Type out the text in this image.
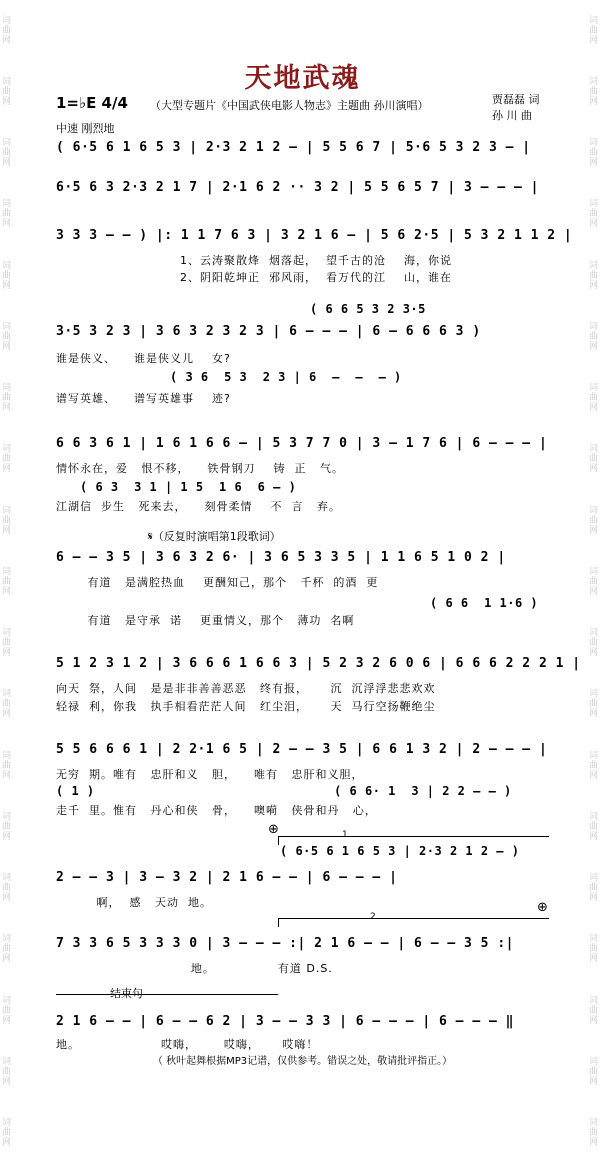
词曲网
词曲网
词曲网
词曲网
词曲网
词曲网
词曲网
词曲网
词曲网
词曲网
词曲网
词曲网
词曲网
词曲网
词曲网
词曲网
词曲网
词曲网
词曲网
词曲网
词曲网
词曲网
词曲网
词曲网
词曲网
词曲网
词曲网
词曲网
词曲网
词曲网
词曲网
词曲网
词曲网
词曲网
词曲网
词曲网
词曲网
词曲网
天地武魂
1=♭E 4/4
中速 刚烈地
（大型专题片《中国武侠电影人物志》主题曲 孙川演唱）	贾磊磊 词
孙 川 曲
( 6·5 6 1 6 5 3 | 2·3 2 1 2 – | 5 5 6 7 | 5·6 5 3 2 3 – |
6·5 6 3 2·3 2 1 7 | 2·1 6 2 ·· 3 2 | 5 5 6 5 7 | 3 – – – |
3 3 3 – – ) |: 1 1 7 6 3 | 3 2 1 6 – | 5 6 2·5 | 5 3 2 1 1 2 |
1、云涛聚散烽  烟落起，  望千古的沧    海，你说
2、阴阳乾坤正  邪风雨，  看万代的江    山，谁在
( 6 6 5 3 2 3·5
3·5 3 2 3 | 3 6 3 2 3 2 3 | 6 – – – | 6 – 6 6 6 3 )
谁是侠义、    谁是侠义儿    女?
( 3 6  5 3  2 3 | 6  –  –  – )
谱写英雄、    谱写英雄事    迹?
6 6 3 6 1 | 1 6 1 6 6 – | 5 3 7 7 0 | 3 – 1 7 6 | 6 – – – |
情怀永在，爱   恨不移，    铁骨钢刀    铸  正   气。
( 6 3  3 1 | 1 5  1 6  6 – )
江湖信  步生   死来去，    刻骨柔情    不  言   弃。
𝄋（反复时演唱第1段歌词）
6 – – 3 5 | 3 6 3 2 6· | 3 6 5 3 3 5 | 1 1 6 5 1 0 2 |
有道   是满腔热血    更酬知己，那个   千杯  的酒  更
( 6 6  1 1·6 )
有道   是守承  诺    更重情义，那个   薄功  名啊
5 1 2 3 1 2 | 3 6 6 6 1 6 6 3 | 5 2 3 2 6 0 6 | 6 6 6 2 2 2 1 |
向天  祭，人间   是是非非善善恶恶   终有报，     沉  沉浮浮悲悲欢欢
轻禄  利，你我   执手相看茫茫人间   红尘泪，     天  马行空扬鞭绝尘
5 5 6 6 6 1 | 2 2·1 6 5 | 2 – – 3 5 | 6 6 1 3 2 | 2 – – – |
无穷  期。唯有   忠肝和义   胆，    唯有   忠肝和义胆，
( 1 )                               ( 6 6· 1  3 | 2 2 – – )
走千  里。惟有   丹心和侠   骨，    噢嗬   侠骨和丹   心，
⊕	1
( 6·5 6 1 6 5 3 | 2·3 2 1 2 – )
2 – – 3 | 3 – 3 2 | 2 1 6 – – | 6 – – – |
啊，  感   天动  地。	⊕
2
7 3 3 6 5 3 3 3 0 | 3 – – – :| 2 1 6 – – | 6 – – 3 5 :|
地。              有道 D.S.
结束句
2 1 6 – – | 6 – – 6 2 | 3 – – 3 3 | 6 – – – | 6 – – – ‖
地。                  哎嗨，      哎嗨，     哎嗨！
（ 秋叶起舞根据MP3记谱，仅供参考。错误之处，敬请批评指正。）
